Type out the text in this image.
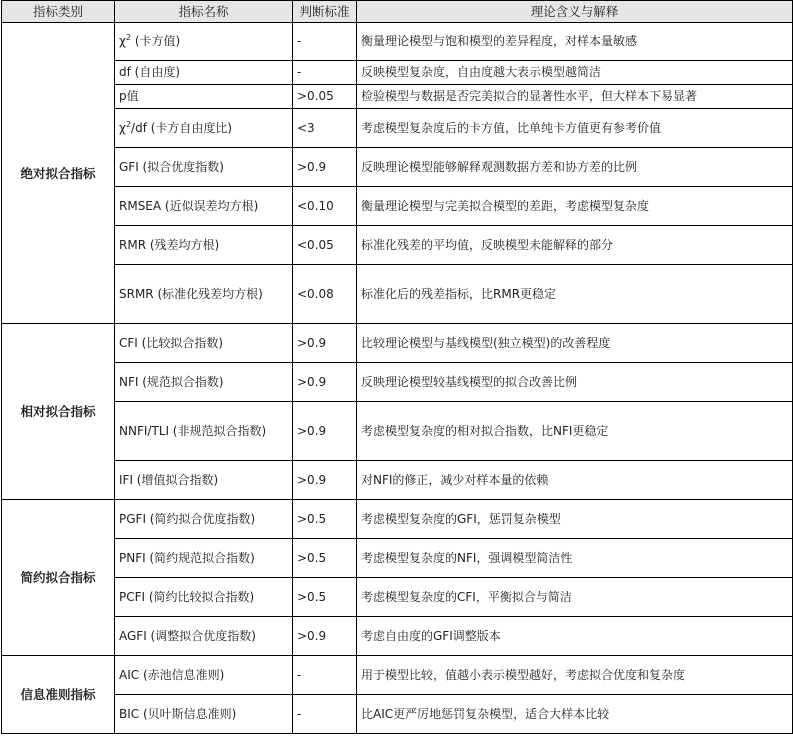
指标类别	指标名称	判断标准	理论含义与解释
绝对拟合指标	$\chi^2$ (卡方值)	-	衡量理论模型与饱和模型的差异程度，对样本量敏感
	df (自由度)	-	反映模型复杂度，自由度越大表示模型越简洁
	p值	>0.05	检验模型与数据是否完美拟合的显著性水平，但大样本下易显著
	$\chi^2/df$ (卡方自由度比)	<3	考虑模型复杂度后的卡方值，比单纯卡方值更有参考价值
	GFI (拟合优度指数)	>0.9	反映理论模型能够解释观测数据方差和协方差的比例
	RMSEA (近似误差均方根)	<0.10	衡量理论模型与完美拟合模型的差距，考虑模型复杂度
	RMR (残差均方根)	<0.05	标准化残差的平均值，反映模型未能解释的部分
	SRMR (标准化残差均方根)	<0.08	标准化后的残差指标，比RMR更稳定
相对拟合指标	CFI (比较拟合指数)	>0.9	比较理论模型与基线模型(独立模型)的改善程度
	NFI (规范拟合指数)	>0.9	反映理论模型较基线模型的拟合改善比例
	NNFI/TLI (非规范拟合指数)	>0.9	考虑模型复杂度的相对拟合指数，比NFI更稳定
	IFI (增值拟合指数)	>0.9	对NFI的修正，减少对样本量的依赖
简约拟合指标	PGFI (简约拟合优度指数)	>0.5	考虑模型复杂度的GFI，惩罚复杂模型
	PNFI (简约规范拟合指数)	>0.5	考虑模型复杂度的NFI，强调模型简洁性
	PCFI (简约比较拟合指数)	>0.5	考虑模型复杂度的CFI，平衡拟合与简洁
	AGFI (调整拟合优度指数)	>0.9	考虑自由度的GFI调整版本
信息准则指标	AIC (赤池信息准则)	-	用于模型比较，值越小表示模型越好，考虑拟合优度和复杂度
	BIC (贝叶斯信息准则)	-	比AIC更严厉地惩罚复杂模型，适合大样本比较
